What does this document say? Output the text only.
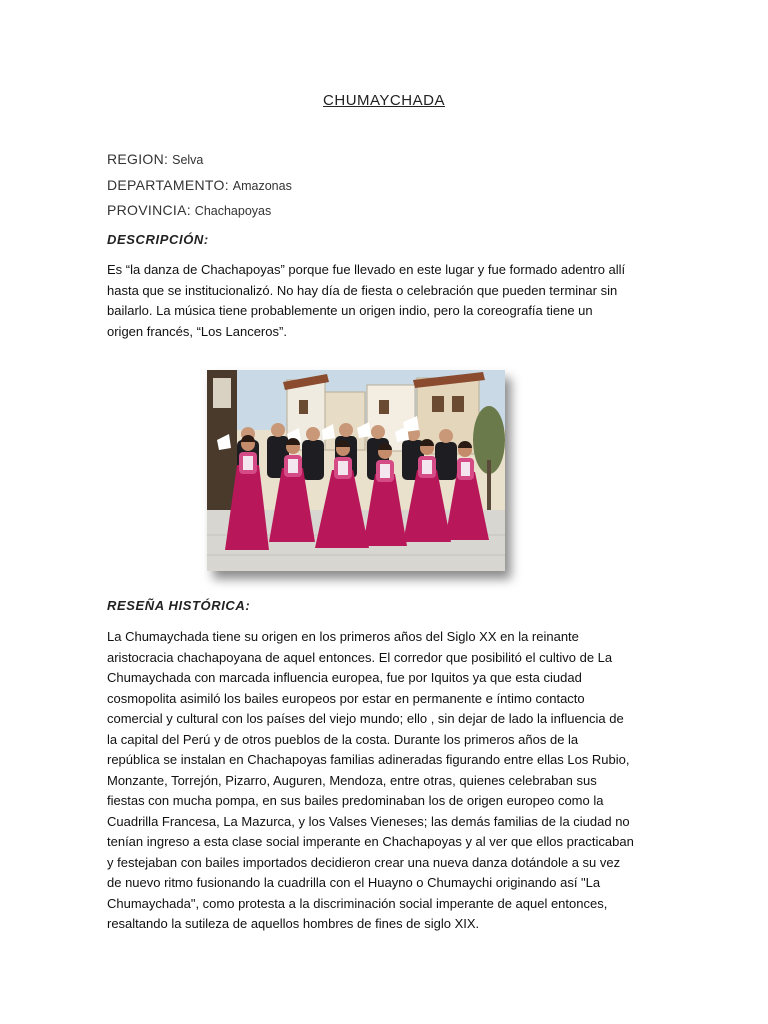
CHUMAYCHADA
REGION: Selva
DEPARTAMENTO: Amazonas
PROVINCIA: Chachapoyas
DESCRIPCIÓN:
Es “la danza de Chachapoyas” porque fue llevado en este lugar y fue formado adentro allí
hasta que se institucionalizó. No hay día de fiesta o celebración que pueden terminar sin
bailarlo. La música tiene probablemente un origen indio, pero la coreografía tiene un
origen francés, “Los Lanceros”.
RESEÑA HISTÓRICA:
La Chumaychada tiene su origen en los primeros años del Siglo XX en la reinante
aristocracia chachapoyana de aquel entonces. El corredor que posibilitó el cultivo de La
Chumaychada con marcada influencia europea, fue por Iquitos ya que esta ciudad
cosmopolita asimiló los bailes europeos por estar en permanente e íntimo contacto
comercial y cultural con los países del viejo mundo; ello , sin dejar de lado la influencia de
la capital del Perú y de otros pueblos de la costa. Durante los primeros años de la
república se instalan en Chachapoyas familias adineradas figurando entre ellas Los Rubio,
Monzante, Torrejón, Pizarro, Auguren, Mendoza, entre otras, quienes celebraban sus
fiestas con mucha pompa, en sus bailes predominaban los de origen europeo como la
Cuadrilla Francesa, La Mazurca, y los Valses Vieneses; las demás familias de la ciudad no
tenían ingreso a esta clase social imperante en Chachapoyas y al ver que ellos practicaban
y festejaban con bailes importados decidieron crear una nueva danza dotándole a su vez
de nuevo ritmo fusionando la cuadrilla con el Huayno o Chumaychi originando así "La
Chumaychada", como protesta a la discriminación social imperante de aquel entonces,
resaltando la sutileza de aquellos hombres de fines de siglo XIX.
